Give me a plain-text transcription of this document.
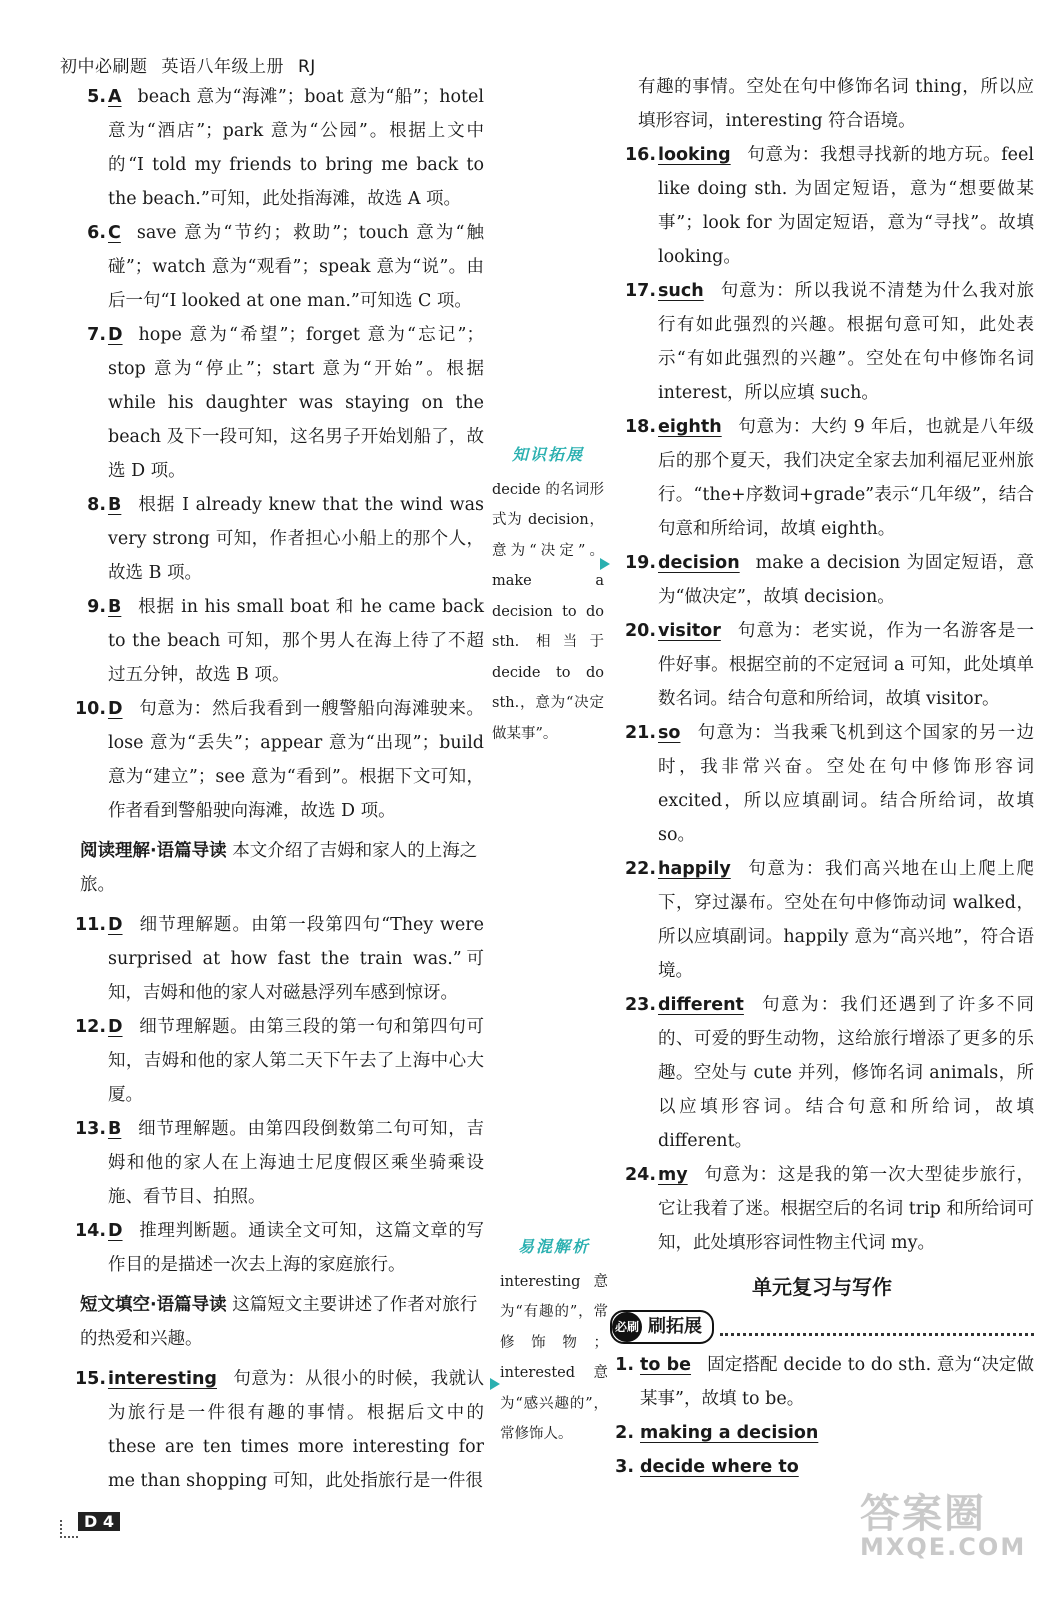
初中必刷题 英语八年级上册 RJ
5. A beach 意为“海滩”；boat 意为“船”；hotel 意为“酒店”；park 意为“公园”。根据上文中的“I told my friends to bring me back to the beach.”可知，此处指海滩，故选 A 项。
6. C save 意为“节约；救助”；touch 意为“触碰”；watch 意为“观看”；speak 意为“说”。由后一句“I looked at one man.”可知选 C 项。
7. D hope 意为“希望”；forget 意为“忘记”；stop 意为“停止”；start 意为“开始”。根据 while his daughter was staying on the beach 及下一段可知，这名男子开始划船了，故选 D 项。
8. B 根据 I already knew that the wind was very strong 可知，作者担心小船上的那个人，故选 B 项。
9. B 根据 in his small boat 和 he came back to the beach 可知，那个男人在海上待了不超过五分钟，故选 B 项。
10. D 句意为：然后我看到一艘警船向海滩驶来。lose 意为“丢失”；appear 意为“出现”；build 意为“建立”；see 意为“看到”。根据下文可知，作者看到警船驶向海滩，故选 D 项。
阅读理解·语篇导读 本文介绍了吉姆和家人的上海之旅。
11. D 细节理解题。由第一段第四句“They were surprised at how fast the train was.”可知，吉姆和他的家人对磁悬浮列车感到惊讶。
12. D 细节理解题。由第三段的第一句和第四句可知，吉姆和他的家人第二天下午去了上海中心大厦。
13. B 细节理解题。由第四段倒数第二句可知，吉姆和他的家人在上海迪士尼度假区乘坐骑乘设施、看节目、拍照。
14. D 推理判断题。通读全文可知，这篇文章的写作目的是描述一次去上海的家庭旅行。
短文填空·语篇导读 这篇短文主要讲述了作者对旅行的热爱和兴趣。
15. interesting 句意为：从很小的时候，我就认为旅行是一件很有趣的事情。根据后文中的 these are ten times more interesting for me than shopping 可知，此处指旅行是一件很
知识拓展
decide 的名词形式为 decision，意为“决定”。make a decision to do sth. 相当于 decide to do sth.，意为“决定做某事”。
易混解析
interesting 意为“有趣的”，常修饰物；interested 意为“感兴趣的”，常修饰人。
有趣的事情。空处在句中修饰名词 thing，所以应填形容词，interesting 符合语境。
16. looking 句意为：我想寻找新的地方玩。feel like doing sth. 为固定短语，意为“想要做某事”；look for 为固定短语，意为“寻找”。故填 looking。
17. such 句意为：所以我说不清楚为什么我对旅行有如此强烈的兴趣。根据句意可知，此处表示“有如此强烈的兴趣”。空处在句中修饰名词 interest，所以应填 such。
18. eighth 句意为：大约 9 年后，也就是八年级后的那个夏天，我们决定全家去加利福尼亚州旅行。“the+序数词+grade”表示“几年级”，结合句意和所给词，故填 eighth。
19. decision make a decision 为固定短语，意为“做决定”，故填 decision。
20. visitor 句意为：老实说，作为一名游客是一件好事。根据空前的不定冠词 a 可知，此处填单数名词。结合句意和所给词，故填 visitor。
21. so 句意为：当我乘飞机到这个国家的另一边时，我非常兴奋。空处在句中修饰形容词 excited，所以应填副词。结合所给词，故填 so。
22. happily 句意为：我们高兴地在山上爬上爬下，穿过瀑布。空处在句中修饰动词 walked，所以应填副词。happily 意为“高兴地”，符合语境。
23. different 句意为：我们还遇到了许多不同的、可爱的野生动物，这给旅行增添了更多的乐趣。空处与 cute 并列，修饰名词 animals，所以应填形容词。结合句意和所给词，故填 different。
24. my 句意为：这是我的第一次大型徒步旅行，它让我着了迷。根据空后的名词 trip 和所给词可知，此处填形容词性物主代词 my。
单元复习与写作
必刷 刷拓展
1. to be 固定搭配 decide to do sth. 意为“决定做某事”，故填 to be。
2. making a decision
3. decide where to
D 4	答案圈
MXQE.COM
